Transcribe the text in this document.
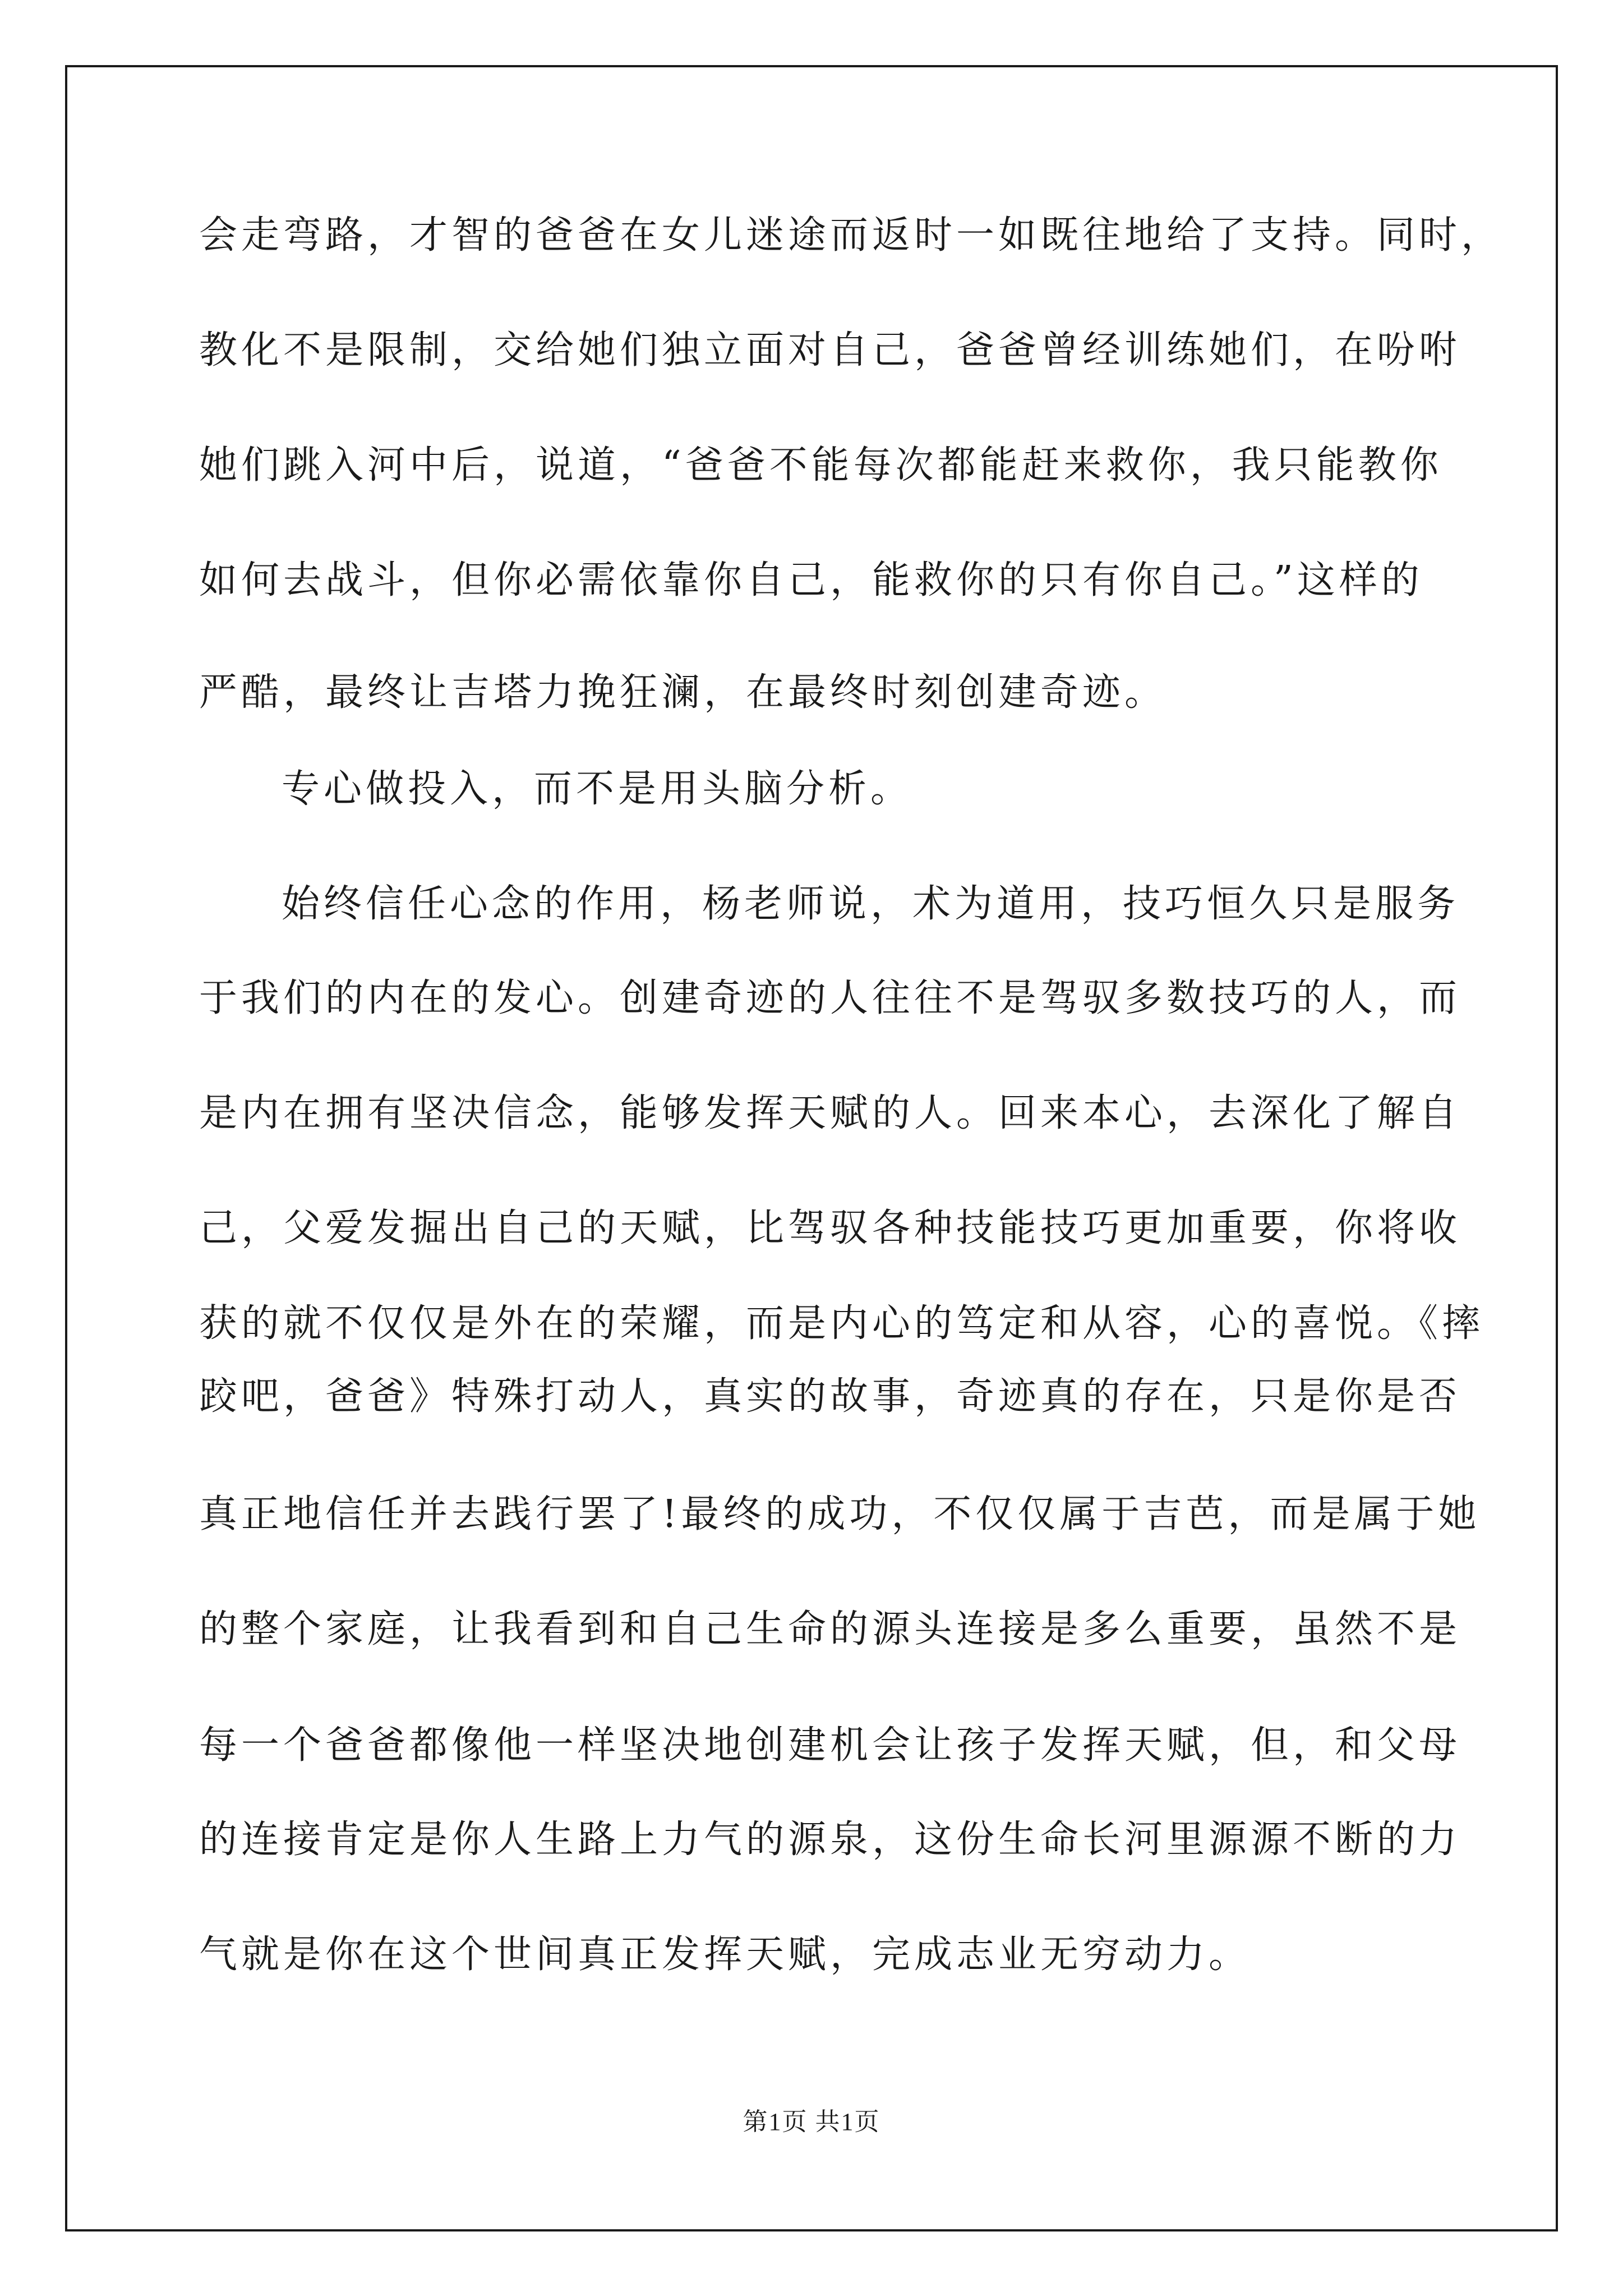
会走弯路，才智的爸爸在女儿迷途而返时一如既往地给了支持。同时，
教化不是限制，交给她们独立面对自己，爸爸曾经训练她们，在吩咐
她们跳入河中后，说道，“爸爸不能每次都能赶来救你，我只能教你
如何去战斗，但你必需依靠你自己，能救你的只有你自己。”这样的
严酷，最终让吉塔力挽狂澜，在最终时刻创建奇迹。
专心做投入，而不是用头脑分析。
始终信任心念的作用，杨老师说，术为道用，技巧恒久只是服务
于我们的内在的发心。创建奇迹的人往往不是驾驭多数技巧的人，而
是内在拥有坚决信念，能够发挥天赋的人。回来本心，去深化了解自
己，父爱发掘出自己的天赋，比驾驭各种技能技巧更加重要，你将收
获的就不仅仅是外在的荣耀，而是内心的笃定和从容，心的喜悦。《摔
跤吧，爸爸》特殊打动人，真实的故事，奇迹真的存在，只是你是否
真正地信任并去践行罢了!最终的成功，不仅仅属于吉芭，而是属于她
的整个家庭，让我看到和自己生命的源头连接是多么重要，虽然不是
每一个爸爸都像他一样坚决地创建机会让孩子发挥天赋，但，和父母
的连接肯定是你人生路上力气的源泉，这份生命长河里源源不断的力
气就是你在这个世间真正发挥天赋，完成志业无穷动力。
第1页 共1页
